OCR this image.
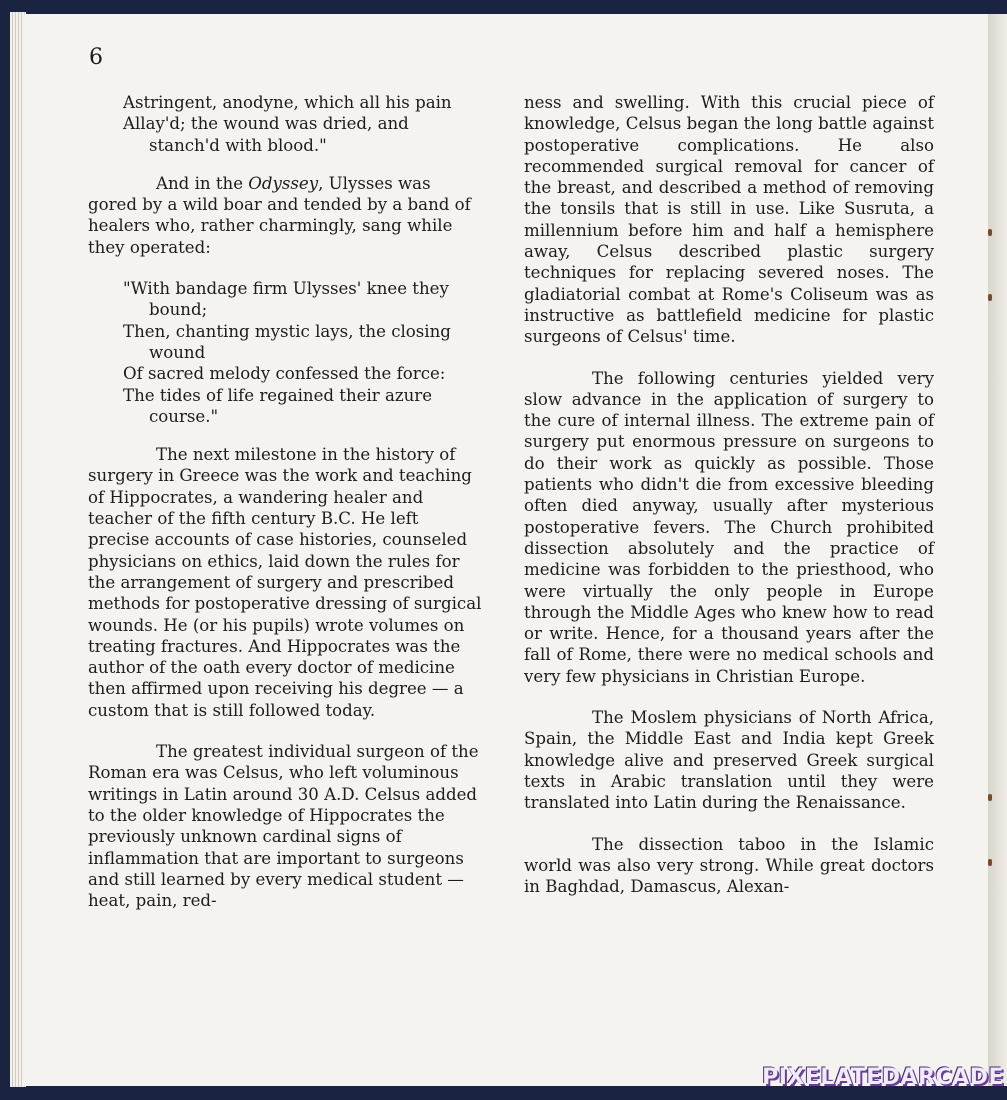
6
Astringent, anodyne, which all his pain
Allay'd; the wound was dried, and stanch'd with blood."

And in the Odyssey, Ulysses was gored by a wild boar and tended by a band of healers who, rather charmingly, sang while they operated:

"With bandage firm Ulysses' knee they bound;
Then, chanting mystic lays, the closing wound
Of sacred melody confessed the force:
The tides of life regained their azure course."

The next milestone in the history of surgery in Greece was the work and teaching of Hippocrates, a wandering healer and teacher of the fifth century B.C. He left precise accounts of case histories, counseled physicians on ethics, laid down the rules for the arrangement of surgery and prescribed methods for postoperative dressing of surgical wounds. He (or his pupils) wrote volumes on treating fractures. And Hippocrates was the author of the oath every doctor of medicine then affirmed upon receiving his degree — a custom that is still followed today.

The greatest individual surgeon of the Roman era was Celsus, who left voluminous writings in Latin around 30 A.D. Celsus added to the older knowledge of Hippocrates the previously unknown cardinal signs of inflammation that are important to surgeons and still learned by every medical student — heat, pain, red-

ness and swelling. With this crucial piece of knowledge, Celsus began the long battle against postoperative complications. He also recommended surgical removal for cancer of the breast, and described a method of removing the tonsils that is still in use. Like Susruta, a millennium before him and half a hemisphere away, Celsus described plastic surgery techniques for replacing severed noses. The gladiatorial combat at Rome's Coliseum was as instructive as battlefield medicine for plastic surgeons of Celsus' time.

The following centuries yielded very slow advance in the application of surgery to the cure of internal illness. The extreme pain of surgery put enormous pressure on surgeons to do their work as quickly as possible. Those patients who didn't die from excessive bleeding often died anyway, usually after mysterious postoperative fevers. The Church prohibited dissection absolutely and the practice of medicine was forbidden to the priesthood, who were virtually the only people in Europe through the Middle Ages who knew how to read or write. Hence, for a thousand years after the fall of Rome, there were no medical schools and very few physicians in Christian Europe.

The Moslem physicians of North Africa, Spain, the Middle East and India kept Greek knowledge alive and preserved Greek surgical texts in Arabic translation until they were translated into Latin during the Renaissance.

The dissection taboo in the Islamic world was also very strong. While great doctors in Baghdad, Damascus, Alexan-

PIXELATEDARCADE
